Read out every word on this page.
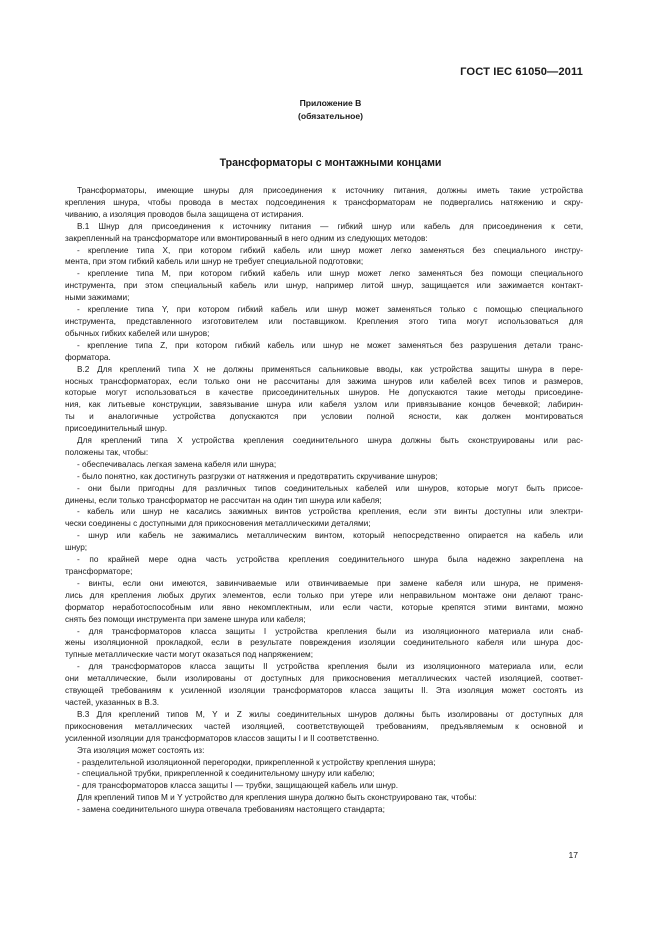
ГОСТ IEC 61050—2011
Приложение В
(обязательное)
Трансформаторы с монтажными концами
Трансформаторы, имеющие шнуры для присоединения к источнику питания, должны иметь такие устройства
крепления шнура, чтобы провода в местах подсоединения к трансформаторам не подвергались натяжению и скру-
чиванию, а изоляция проводов была защищена от истирания.
В.1 Шнур для присоединения к источнику питания — гибкий шнур или кабель для присоединения к сети,
закрепленный на трансформаторе или вмонтированный в него одним из следующих методов:
- крепление типа Х, при котором гибкий кабель или шнур может легко заменяться без специального инстру-
мента, при этом гибкий кабель или шнур не требует специальной подготовки;
- крепление типа М, при котором гибкий кабель или шнур может легко заменяться без помощи специального
инструмента, при этом специальный кабель или шнур, например литой шнур, защищается или зажимается контакт-
ными зажимами;
- крепление типа Y, при котором гибкий кабель или шнур может заменяться только с помощью специального
инструмента, представленного изготовителем или поставщиком. Крепления этого типа могут использоваться для
обычных гибких кабелей или шнуров;
- крепление типа Z, при котором гибкий кабель или шнур не может заменяться без разрушения детали транс-
форматора.
В.2 Для креплений типа Х не должны применяться сальниковые вводы, как устройства защиты шнура в пере-
носных трансформаторах, если только они не рассчитаны для зажима шнуров или кабелей всех типов и размеров,
которые могут использоваться в качестве присоединительных шнуров. Не допускаются такие методы присоедине-
ния, как литьевые конструкции, завязывание шнура или кабеля узлом или привязывание концов бечевкой; лабирин-
ты и аналогичные устройства допускаются при условии полной ясности, как должен монтироваться
присоединительный шнур.
Для креплений типа Х устройства крепления соединительного шнура должны быть сконструированы или рас-
положены так, чтобы:
- обеспечивалась легкая замена кабеля или шнура;
- было понятно, как достигнуть разгрузки от натяжения и предотвратить скручивание шнуров;
- они были пригодны для различных типов соединительных кабелей или шнуров, которые могут быть присое-
динены, если только трансформатор не рассчитан на один тип шнура или кабеля;
- кабель или шнур не касались зажимных винтов устройства крепления, если эти винты доступны или электри-
чески соединены с доступными для прикосновения металлическими деталями;
- шнур или кабель не зажимались металлическим винтом, который непосредственно опирается на кабель или
шнур;
- по крайней мере одна часть устройства крепления соединительного шнура была надежно закреплена на
трансформаторе;
- винты, если они имеются, завинчиваемые или отвинчиваемые при замене кабеля или шнура, не применя-
лись для крепления любых других элементов, если только при утере или неправильном монтаже они делают транс-
форматор неработоспособным или явно некомплектным, или если части, которые крепятся этими винтами, можно
снять без помощи инструмента при замене шнура или кабеля;
- для трансформаторов класса защиты I устройства крепления были из изоляционного материала или снаб-
жены изоляционной прокладкой, если в результате повреждения изоляции соединительного кабеля или шнура дос-
тупные металлические части могут оказаться под напряжением;
- для трансформаторов класса защиты II устройства крепления были из изоляционного материала или, если
они металлические, были изолированы от доступных для прикосновения металлических частей изоляцией, соответ-
ствующей требованиям к усиленной изоляции трансформаторов класса защиты II. Эта изоляция может состоять из
частей, указанных в В.3.
В.3 Для креплений типов М, Y и Z жилы соединительных шнуров должны быть изолированы от доступных для
прикосновения металлических частей изоляцией, соответствующей требованиям, предъявляемым к основной и
усиленной изоляции для трансформаторов классов защиты I и II соответственно.
Эта изоляция может состоять из:
- разделительной изоляционной перегородки, прикрепленной к устройству крепления шнура;
- специальной трубки, прикрепленной к соединительному шнуру или кабелю;
- для трансформаторов класса защиты I — трубки, защищающей кабель или шнур.
Для креплений типов М и Y устройство для крепления шнура должно быть сконструировано так, чтобы:
- замена соединительного шнура отвечала требованиям настоящего стандарта;
17
